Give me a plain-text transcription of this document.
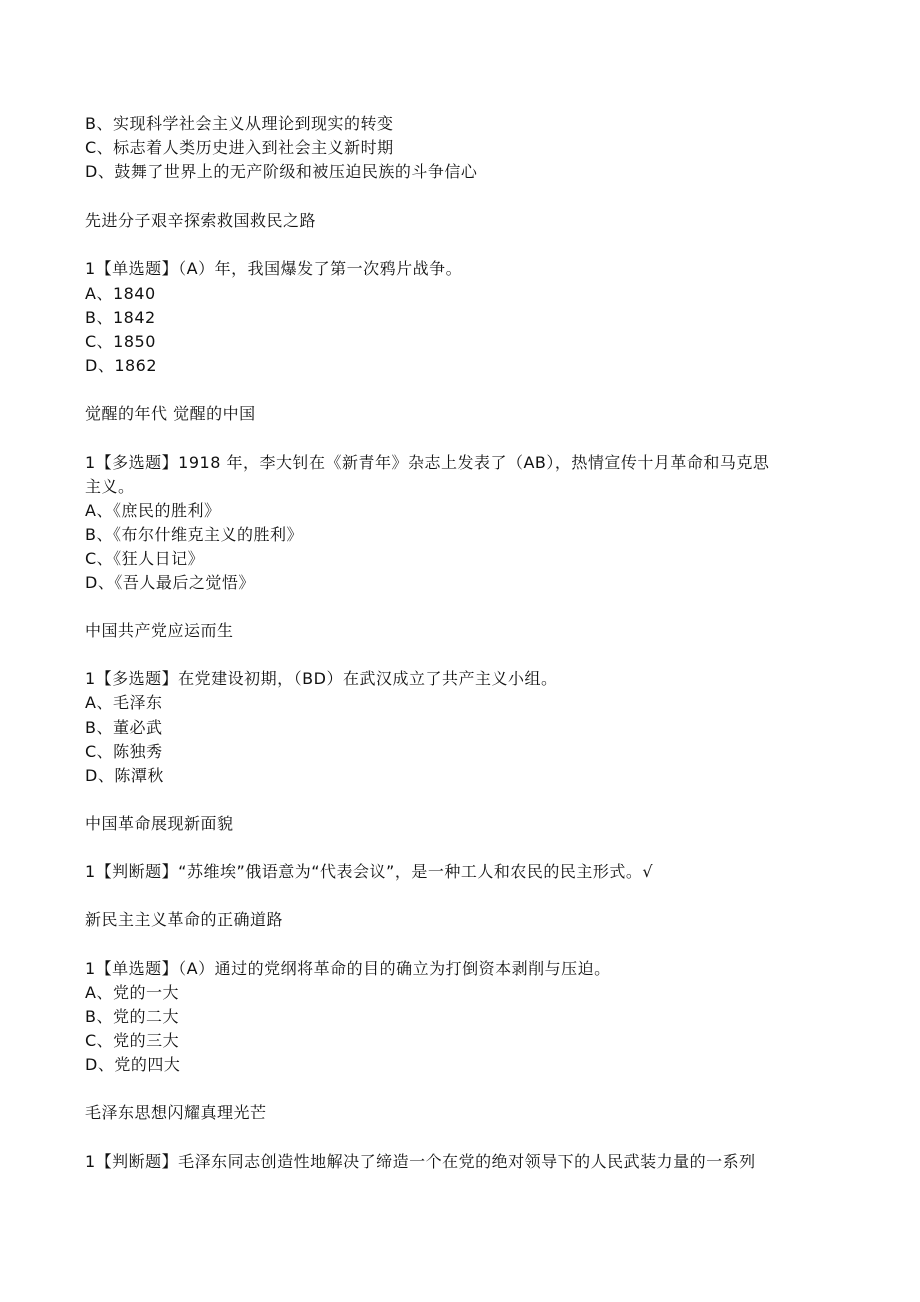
B、实现科学社会主义从理论到现实的转变
C、标志着人类历史进入到社会主义新时期
D、鼓舞了世界上的无产阶级和被压迫民族的斗争信心
先进分子艰辛探索救国救民之路
1【单选题】（A）年，我国爆发了第一次鸦片战争。
A、1840
B、1842
C、1850
D、1862
觉醒的年代 觉醒的中国
1【多选题】1918 年，李大钊在《新青年》杂志上发表了（AB），热情宣传十月革命和马克思
主义。
A、《庶民的胜利》
B、《布尔什维克主义的胜利》
C、《狂人日记》
D、《吾人最后之觉悟》
中国共产党应运而生
1【多选题】在党建设初期，（BD）在武汉成立了共产主义小组。
A、毛泽东
B、董必武
C、陈独秀
D、陈潭秋
中国革命展现新面貌
1【判断题】“苏维埃”俄语意为“代表会议”，是一种工人和农民的民主形式。√
新民主主义革命的正确道路
1【单选题】（A）通过的党纲将革命的目的确立为打倒资本剥削与压迫。
A、党的一大
B、党的二大
C、党的三大
D、党的四大
毛泽东思想闪耀真理光芒
1【判断题】毛泽东同志创造性地解决了缔造一个在党的绝对领导下的人民武装力量的一系列
